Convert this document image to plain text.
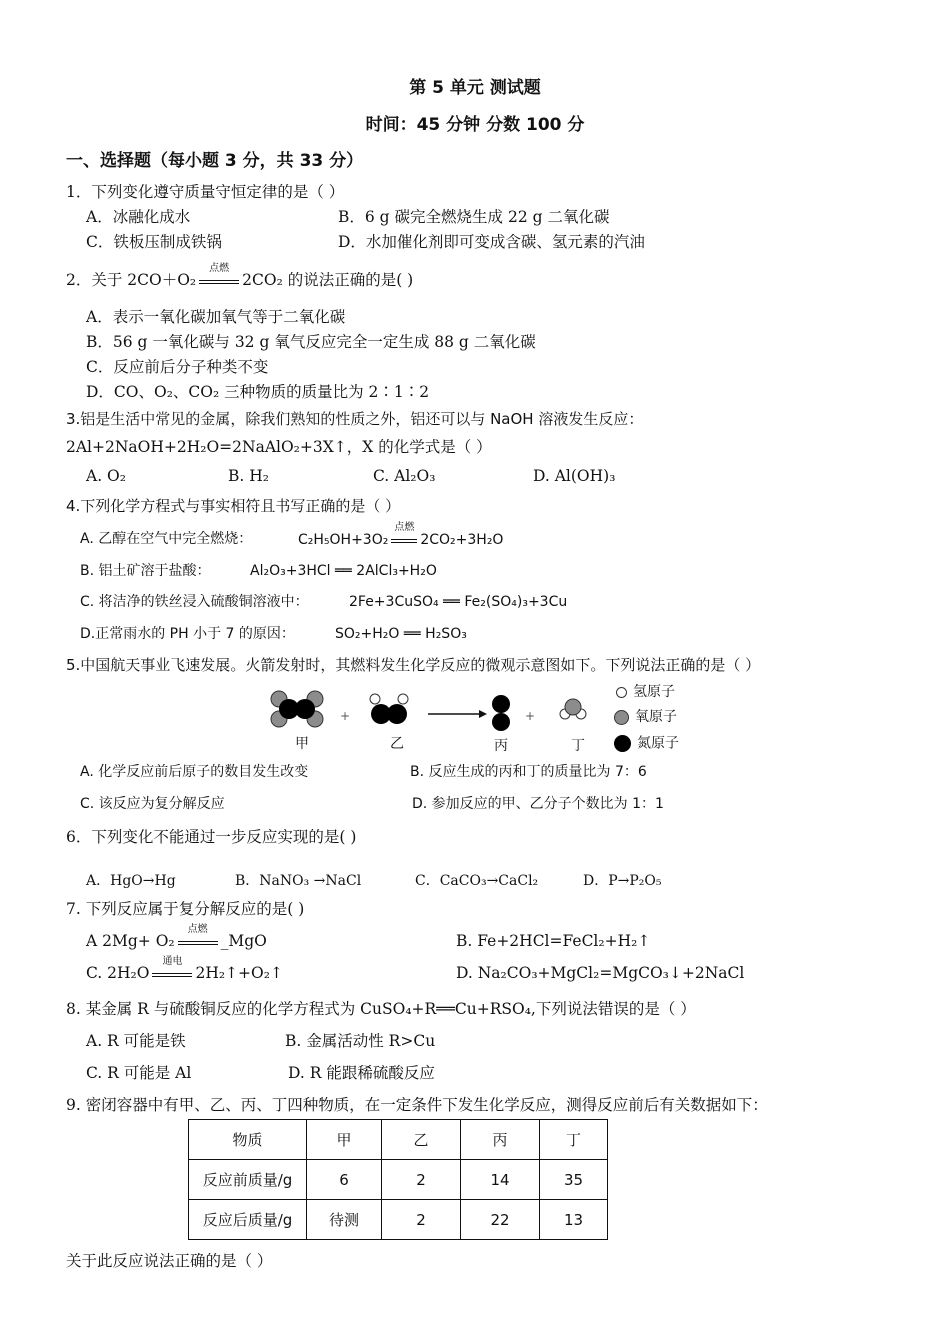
第 5 单元 测试题
时间：45 分钟 分数 100 分
一、选择题（每小题 3 分，共 33 分）
1．下列变化遵守质量守恒定律的是（ ）
A．冰融化成水	B．6 g 碳完全燃烧生成 22 g 二氧化碳
C．铁板压制成铁锅	D．水加催化剂即可变成含碳、氢元素的汽油
2．关于 2CO＋O₂
点燃
2CO₂ 的说法正确的是( )
A．表示一氧化碳加氧气等于二氧化碳
B．56 g 一氧化碳与 32 g 氧气反应完全一定生成 88 g 二氧化碳
C．反应前后分子种类不变
D．CO、O₂、CO₂ 三种物质的质量比为 2∶1∶2
3.铝是生活中常见的金属，除我们熟知的性质之外，铝还可以与 NaOH 溶液发生反应：
2Al+2NaOH+2H₂O=2NaAlO₂+3X↑，X 的化学式是（ ）
A. O₂	B. H₂	C. Al₂O₃	D. Al(OH)₃
4.下列化学方程式与事实相符且书写正确的是（ ）
A. 乙醇在空气中完全燃烧：	C₂H₅OH+3O₂
点燃
2CO₂+3H₂O
B. 铝土矿溶于盐酸：	Al₂O₃+3HCl ══ 2AlCl₃+H₂O
C. 将洁净的铁丝浸入硫酸铜溶液中：	2Fe+3CuSO₄ ══ Fe₂(SO₄)₃+3Cu
D.正常雨水的 PH 小于 7 的原因：	SO₂+H₂O ══ H₂SO₃
5.中国航天事业飞速发展。火箭发射时，其燃料发生化学反应的微观示意图如下。下列说法正确的是（ ）
+	+
甲	乙	丙	丁
氢原子
氧原子
氮原子
A. 化学反应前后原子的数目发生改变	B. 反应生成的丙和丁的质量比为 7：6
C. 该反应为复分解反应	D. 参加反应的甲、乙分子个数比为 1：1
6．下列变化不能通过一步反应实现的是( )
A．HgO→Hg	B．NaNO₃ →NaCl	C．CaCO₃→CaCl₂	D．P→P₂O₅
7. 下列反应属于复分解反应的是( )
A 2Mg+ O₂
点燃
_MgO	B. Fe+2HCl=FeCl₂+H₂↑
C. 2H₂O
通电
2H₂↑+O₂↑	D. Na₂CO₃+MgCl₂=MgCO₃↓+2NaCl
8. 某金属 R 与硫酸铜反应的化学方程式为 CuSO₄+R══Cu+RSO₄,下列说法错误的是（ ）
A. R 可能是铁	B. 金属活动性 R>Cu
C. R 可能是 Al	D. R 能跟稀硫酸反应
9. 密闭容器中有甲、乙、丙、丁四种物质，在一定条件下发生化学反应，测得反应前后有关数据如下：
物质	甲	乙	丙	丁
反应前质量/g	6	2	14	35
反应后质量/g	待测	2	22	13
关于此反应说法正确的是（ ）
